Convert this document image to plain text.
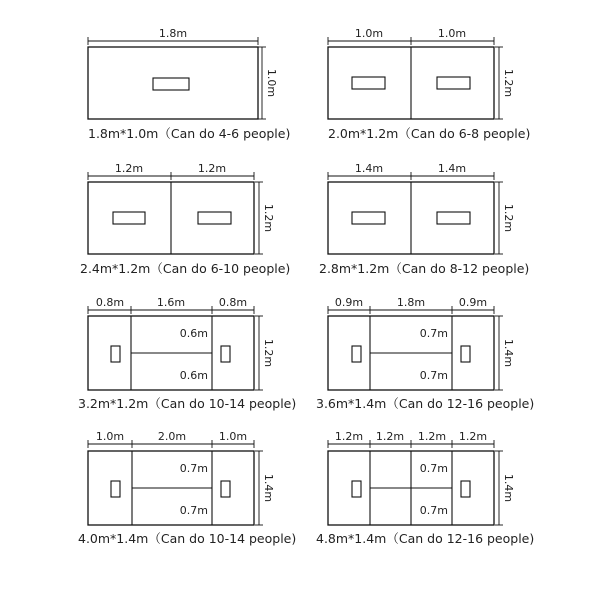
1.8m
1.0m
1.8m*1.0m（Can do 4-6 people)
1.0m	1.0m
1.2m
2.0m*1.2m（Can do 6-8 people)
1.2m	1.2m
1.2m
2.4m*1.2m（Can do 6-10 people)
1.4m	1.4m
1.2m
2.8m*1.2m（Can do 8-12 people)
0.8m	1.6m	0.8m
0.6m
0.6m
1.2m
3.2m*1.2m（Can do 10-14 people)
0.9m	1.8m	0.9m
0.7m
0.7m
1.4m
3.6m*1.4m（Can do 12-16 people)
1.0m	2.0m	1.0m
0.7m
0.7m
1.4m
4.0m*1.4m（Can do 10-14 people)
1.2m 1.2m 1.2m 1.2m
0.7m
0.7m
1.4m
4.8m*1.4m（Can do 12-16 people)
